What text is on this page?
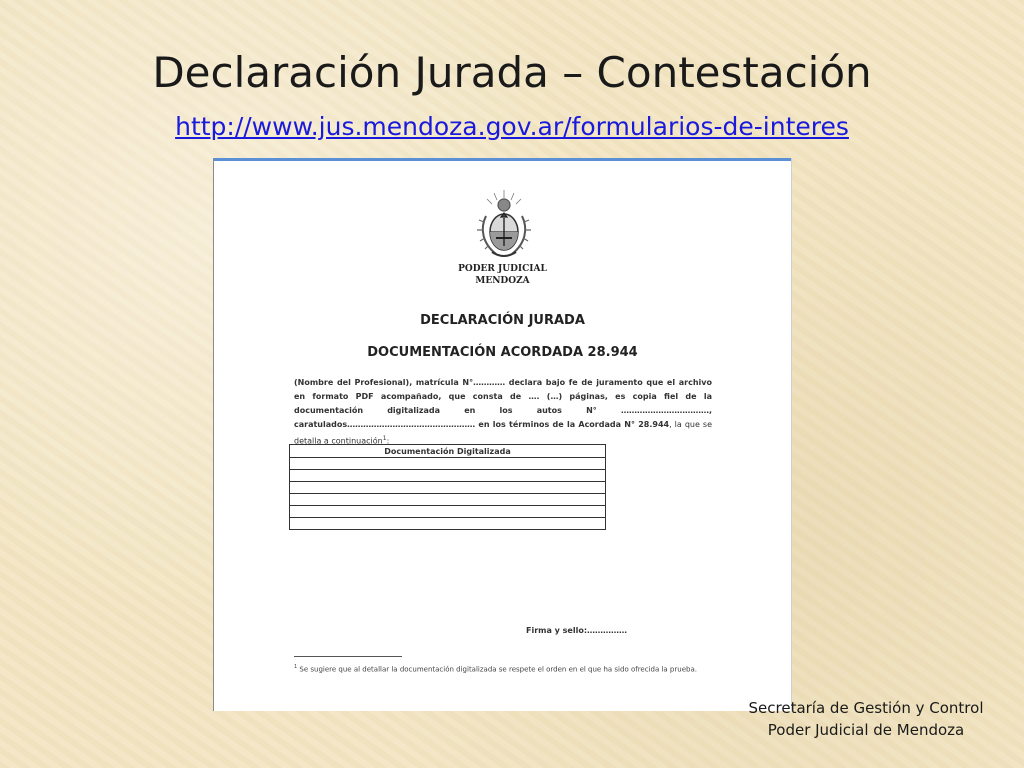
Declaración Jurada – Contestación
http://www.jus.mendoza.gov.ar/formularios-de-interes
PODER JUDICIAL
MENDOZA
DECLARACIÓN JURADA
DOCUMENTACIÓN ACORDADA 28.944

(Nombre del Profesional), matrícula N°………… declara bajo fe de juramento que el archivo en formato PDF acompañado, que consta de …. (…) páginas, es copia fiel de la documentación digitalizada en los autos N° ……………………………, caratulados………………………………………… en los términos de la Acordada N° 28.944, la que se detalla a continuación$^1$:

Documentación Digitalizada

Firma y sello:……………
$^1$ Se sugiere que al detallar la documentación digitalizada se respete el orden en el que ha sido ofrecida la prueba.
Secretaría de Gestión y Control
Poder Judicial de Mendoza
